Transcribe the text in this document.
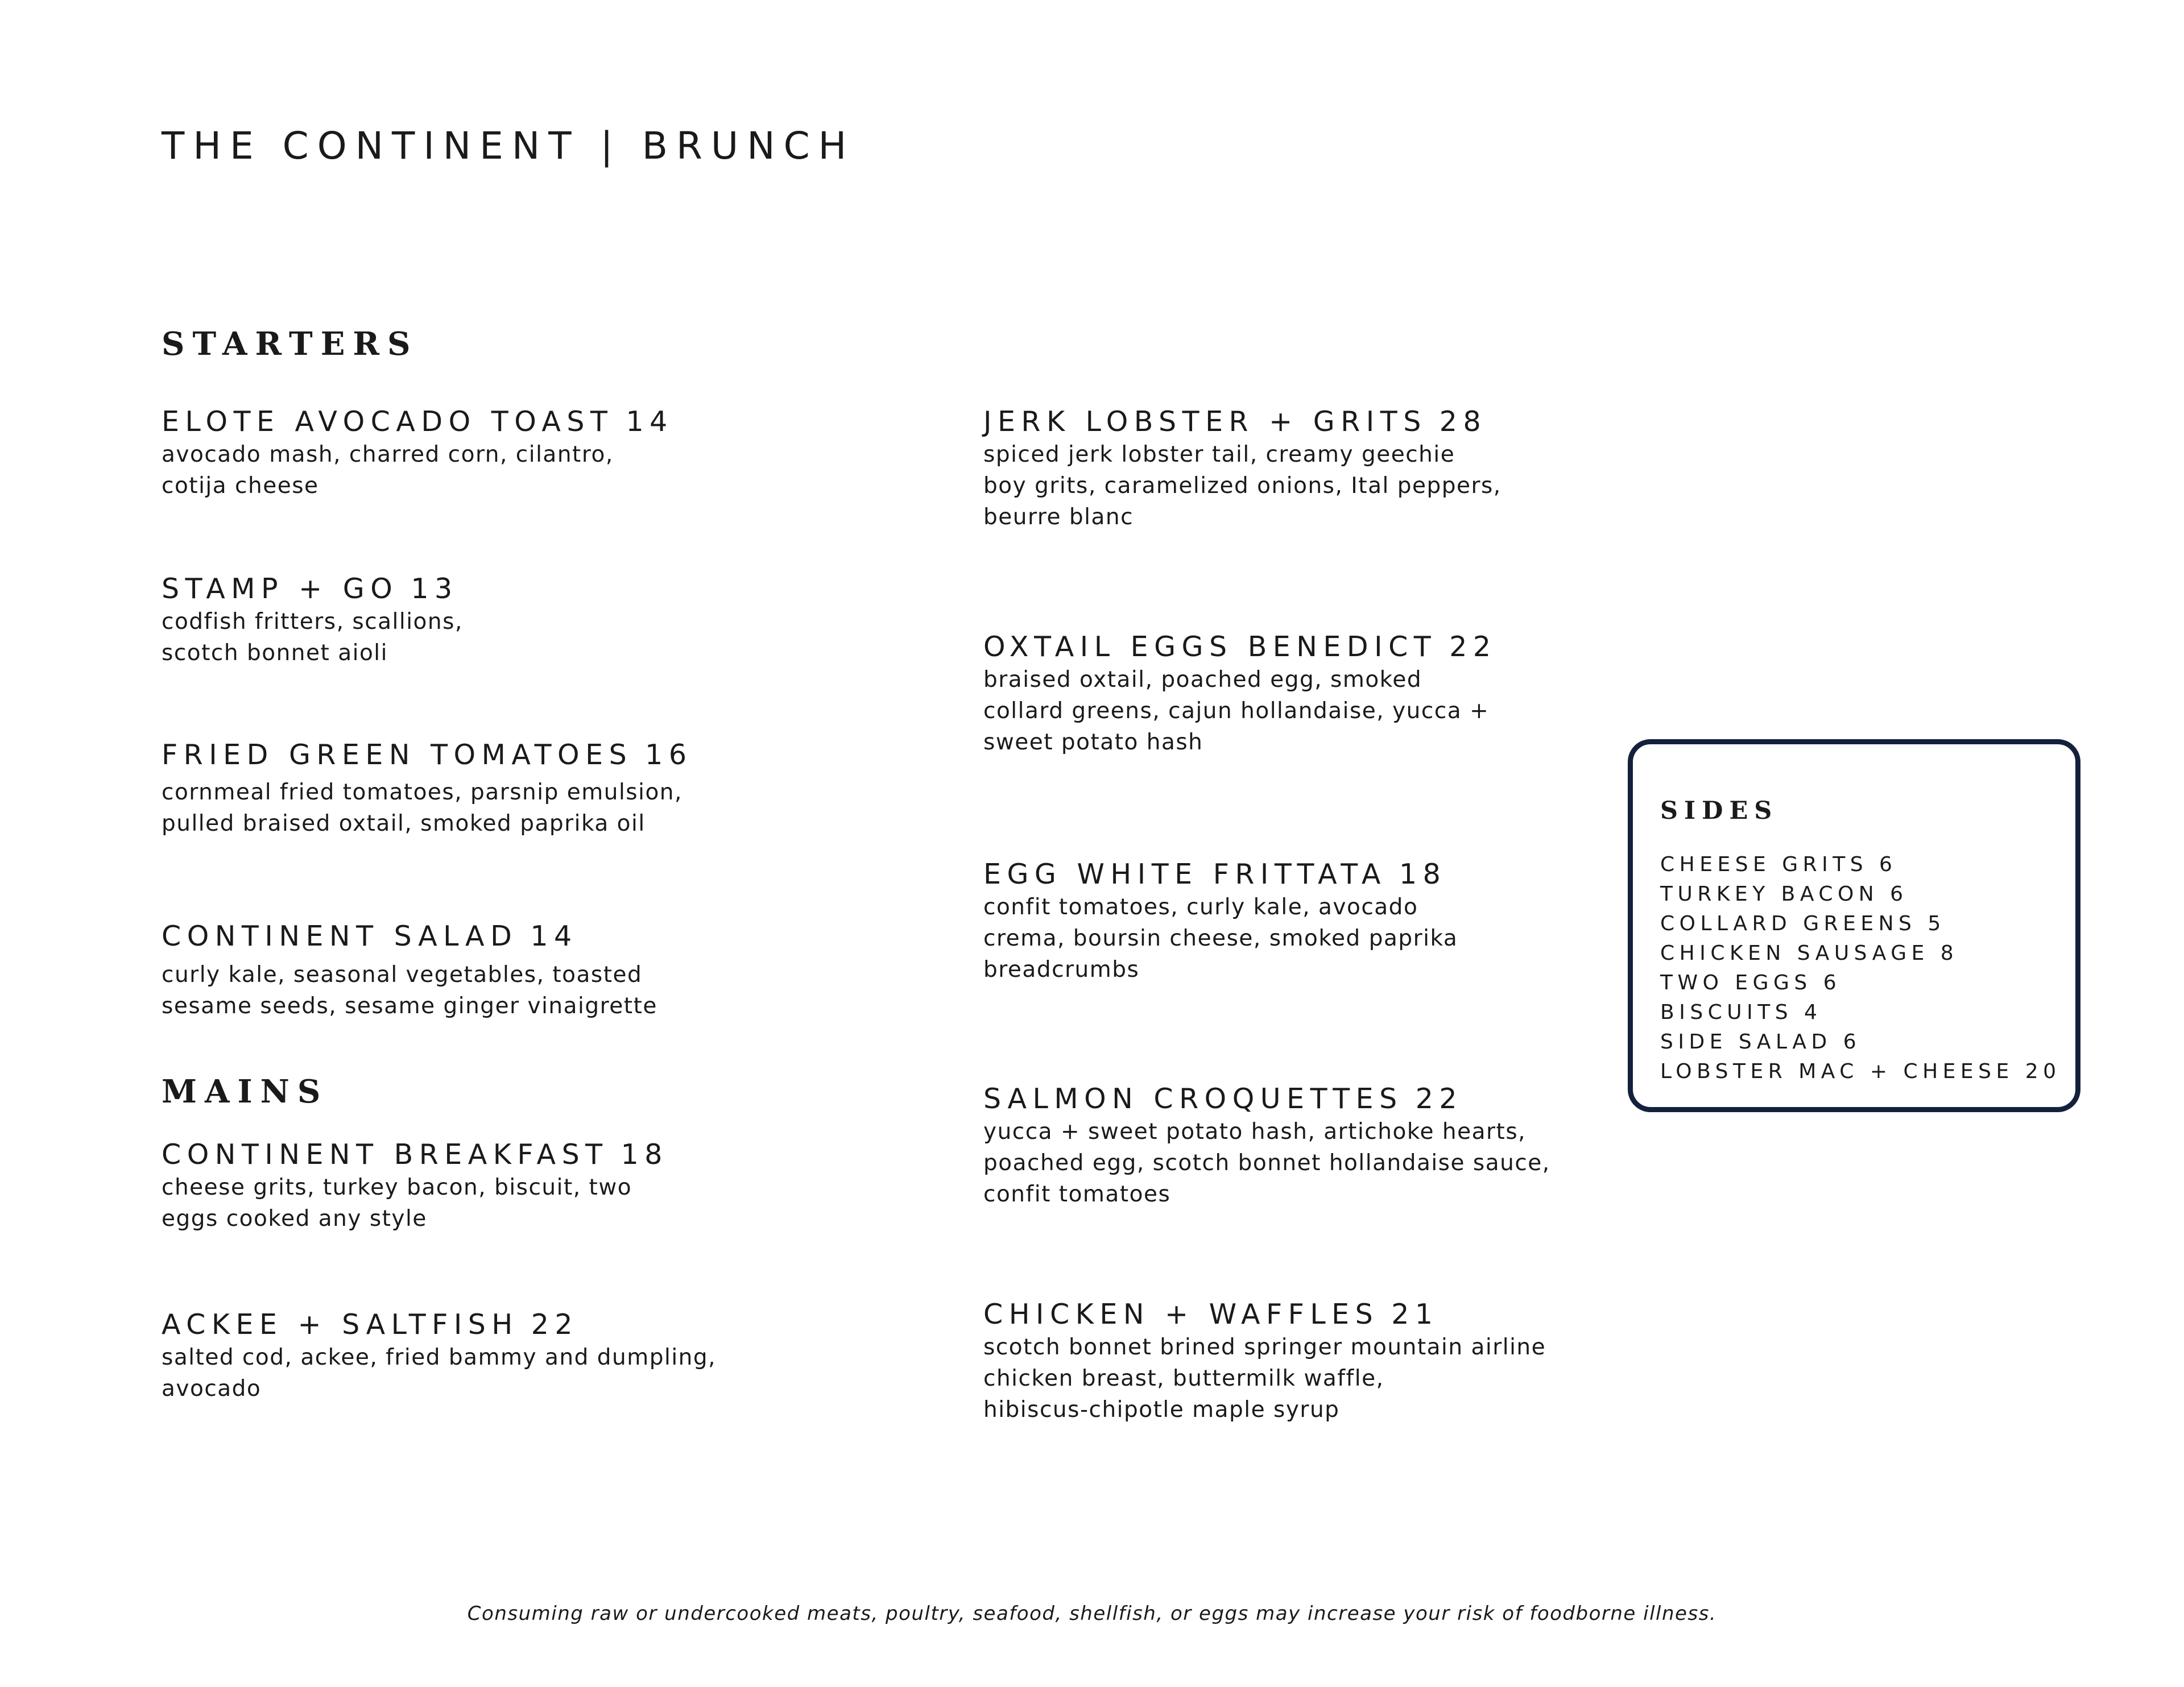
THE CONTINENT | BRUNCH
STARTERS
ELOTE AVOCADO TOAST 14

avocado mash, charred corn, cilantro,
cotija cheese

STAMP + GO 13

codfish fritters, scallions,
scotch bonnet aioli

FRIED GREEN TOMATOES 16

cornmeal fried tomatoes, parsnip emulsion,
pulled braised oxtail, smoked paprika oil

CONTINENT SALAD 14

curly kale, seasonal vegetables, toasted
sesame seeds, sesame ginger vinaigrette

MAINS
CONTINENT BREAKFAST 18

cheese grits, turkey bacon, biscuit, two
eggs cooked any style

ACKEE + SALTFISH 22

salted cod, ackee, fried bammy and dumpling,
avocado

JERK LOBSTER + GRITS 28

spiced jerk lobster tail, creamy geechie
boy grits, caramelized onions, Ital peppers,
beurre blanc

OXTAIL EGGS BENEDICT 22

braised oxtail, poached egg, smoked
collard greens, cajun hollandaise, yucca +
sweet potato hash

EGG WHITE FRITTATA 18

confit tomatoes, curly kale, avocado
crema, boursin cheese, smoked paprika
breadcrumbs

SALMON CROQUETTES 22

yucca + sweet potato hash, artichoke hearts,
poached egg, scotch bonnet hollandaise sauce,
confit tomatoes

CHICKEN + WAFFLES 21

scotch bonnet brined springer mountain airline
chicken breast, buttermilk waffle,
hibiscus-chipotle maple syrup

SIDES
CHEESE GRITS 6
TURKEY BACON 6
COLLARD GREENS 5
CHICKEN SAUSAGE 8
TWO EGGS 6
BISCUITS 4
SIDE SALAD 6
LOBSTER MAC + CHEESE 20
Consuming raw or undercooked meats, poultry, seafood, shellfish, or eggs may increase your risk of foodborne illness.
